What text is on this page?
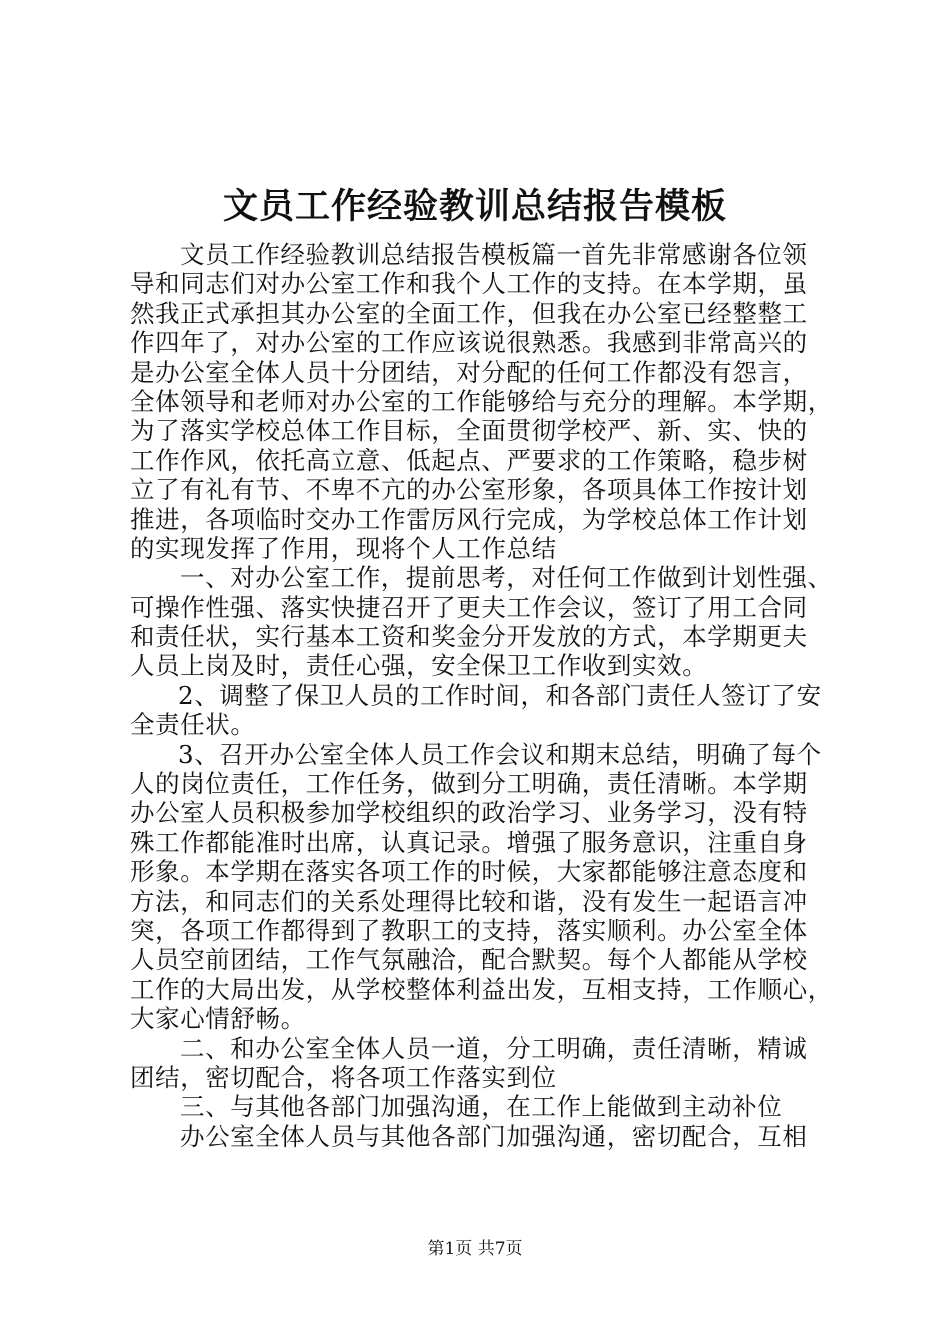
文员工作经验教训总结报告模板
文员工作经验教训总结报告模板篇一首先非常感谢各位领
导和同志们对办公室工作和我个人工作的支持。在本学期，虽
然我正式承担其办公室的全面工作，但我在办公室已经整整工
作四年了，对办公室的工作应该说很熟悉。我感到非常高兴的
是办公室全体人员十分团结，对分配的任何工作都没有怨言，
全体领导和老师对办公室的工作能够给与充分的理解。本学期，
为了落实学校总体工作目标，全面贯彻学校严、新、实、快的
工作作风，依托高立意、低起点、严要求的工作策略，稳步树
立了有礼有节、不卑不亢的办公室形象，各项具体工作按计划
推进，各项临时交办工作雷厉风行完成，为学校总体工作计划
的实现发挥了作用，现将个人工作总结
一、对办公室工作，提前思考，对任何工作做到计划性强、
可操作性强、落实快捷召开了更夫工作会议，签订了用工合同
和责任状，实行基本工资和奖金分开发放的方式，本学期更夫
人员上岗及时，责任心强，安全保卫工作收到实效。
2、调整了保卫人员的工作时间，和各部门责任人签订了安
全责任状。
3、召开办公室全体人员工作会议和期末总结，明确了每个
人的岗位责任，工作任务，做到分工明确，责任清晰。本学期
办公室人员积极参加学校组织的政治学习、业务学习，没有特
殊工作都能准时出席，认真记录。增强了服务意识，注重自身
形象。本学期在落实各项工作的时候，大家都能够注意态度和
方法，和同志们的关系处理得比较和谐，没有发生一起语言冲
突，各项工作都得到了教职工的支持，落实顺利。办公室全体
人员空前团结，工作气氛融洽，配合默契。每个人都能从学校
工作的大局出发，从学校整体利益出发，互相支持，工作顺心，
大家心情舒畅。
二、和办公室全体人员一道，分工明确，责任清晰，精诚
团结，密切配合，将各项工作落实到位
三、与其他各部门加强沟通，在工作上能做到主动补位
办公室全体人员与其他各部门加强沟通，密切配合，互相
第1页 共7页
